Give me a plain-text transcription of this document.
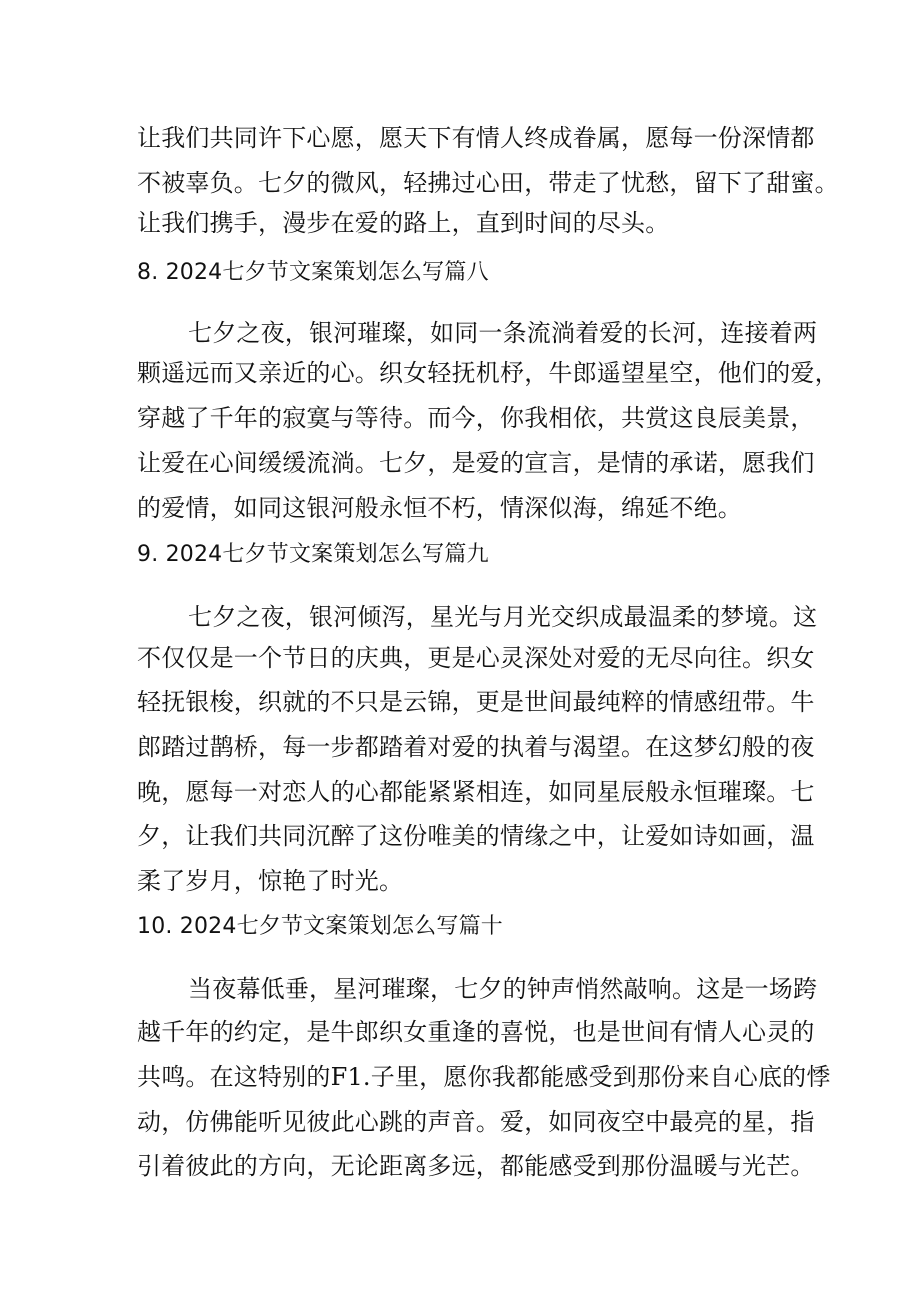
让我们共同许下心愿，愿天下有情人终成眷属，愿每一份深情都
不被辜负。七夕的微风，轻拂过心田，带走了忧愁，留下了甜蜜。
让我们携手，漫步在爱的路上，直到时间的尽头。
8. 2024七夕节文案策划怎么写篇八
七夕之夜，银河璀璨，如同一条流淌着爱的长河，连接着两
颗遥远而又亲近的心。织女轻抚机杼，牛郎遥望星空，他们的爱，
穿越了千年的寂寞与等待。而今，你我相依，共赏这良辰美景，
让爱在心间缓缓流淌。七夕，是爱的宣言，是情的承诺，愿我们
的爱情，如同这银河般永恒不朽，情深似海，绵延不绝。
9. 2024七夕节文案策划怎么写篇九
七夕之夜，银河倾泻，星光与月光交织成最温柔的梦境。这
不仅仅是一个节日的庆典，更是心灵深处对爱的无尽向往。织女
轻抚银梭，织就的不只是云锦，更是世间最纯粹的情感纽带。牛
郎踏过鹊桥，每一步都踏着对爱的执着与渴望。在这梦幻般的夜
晚，愿每一对恋人的心都能紧紧相连，如同星辰般永恒璀璨。七
夕，让我们共同沉醉了这份唯美的情缘之中，让爱如诗如画，温
柔了岁月，惊艳了时光。
10. 2024七夕节文案策划怎么写篇十
当夜幕低垂，星河璀璨，七夕的钟声悄然敲响。这是一场跨
越千年的约定，是牛郎织女重逢的喜悦，也是世间有情人心灵的
共鸣。在这特别的F1.子里，愿你我都能感受到那份来自心底的悸
动，仿佛能听见彼此心跳的声音。爱，如同夜空中最亮的星，指
引着彼此的方向，无论距离多远，都能感受到那份温暖与光芒。
